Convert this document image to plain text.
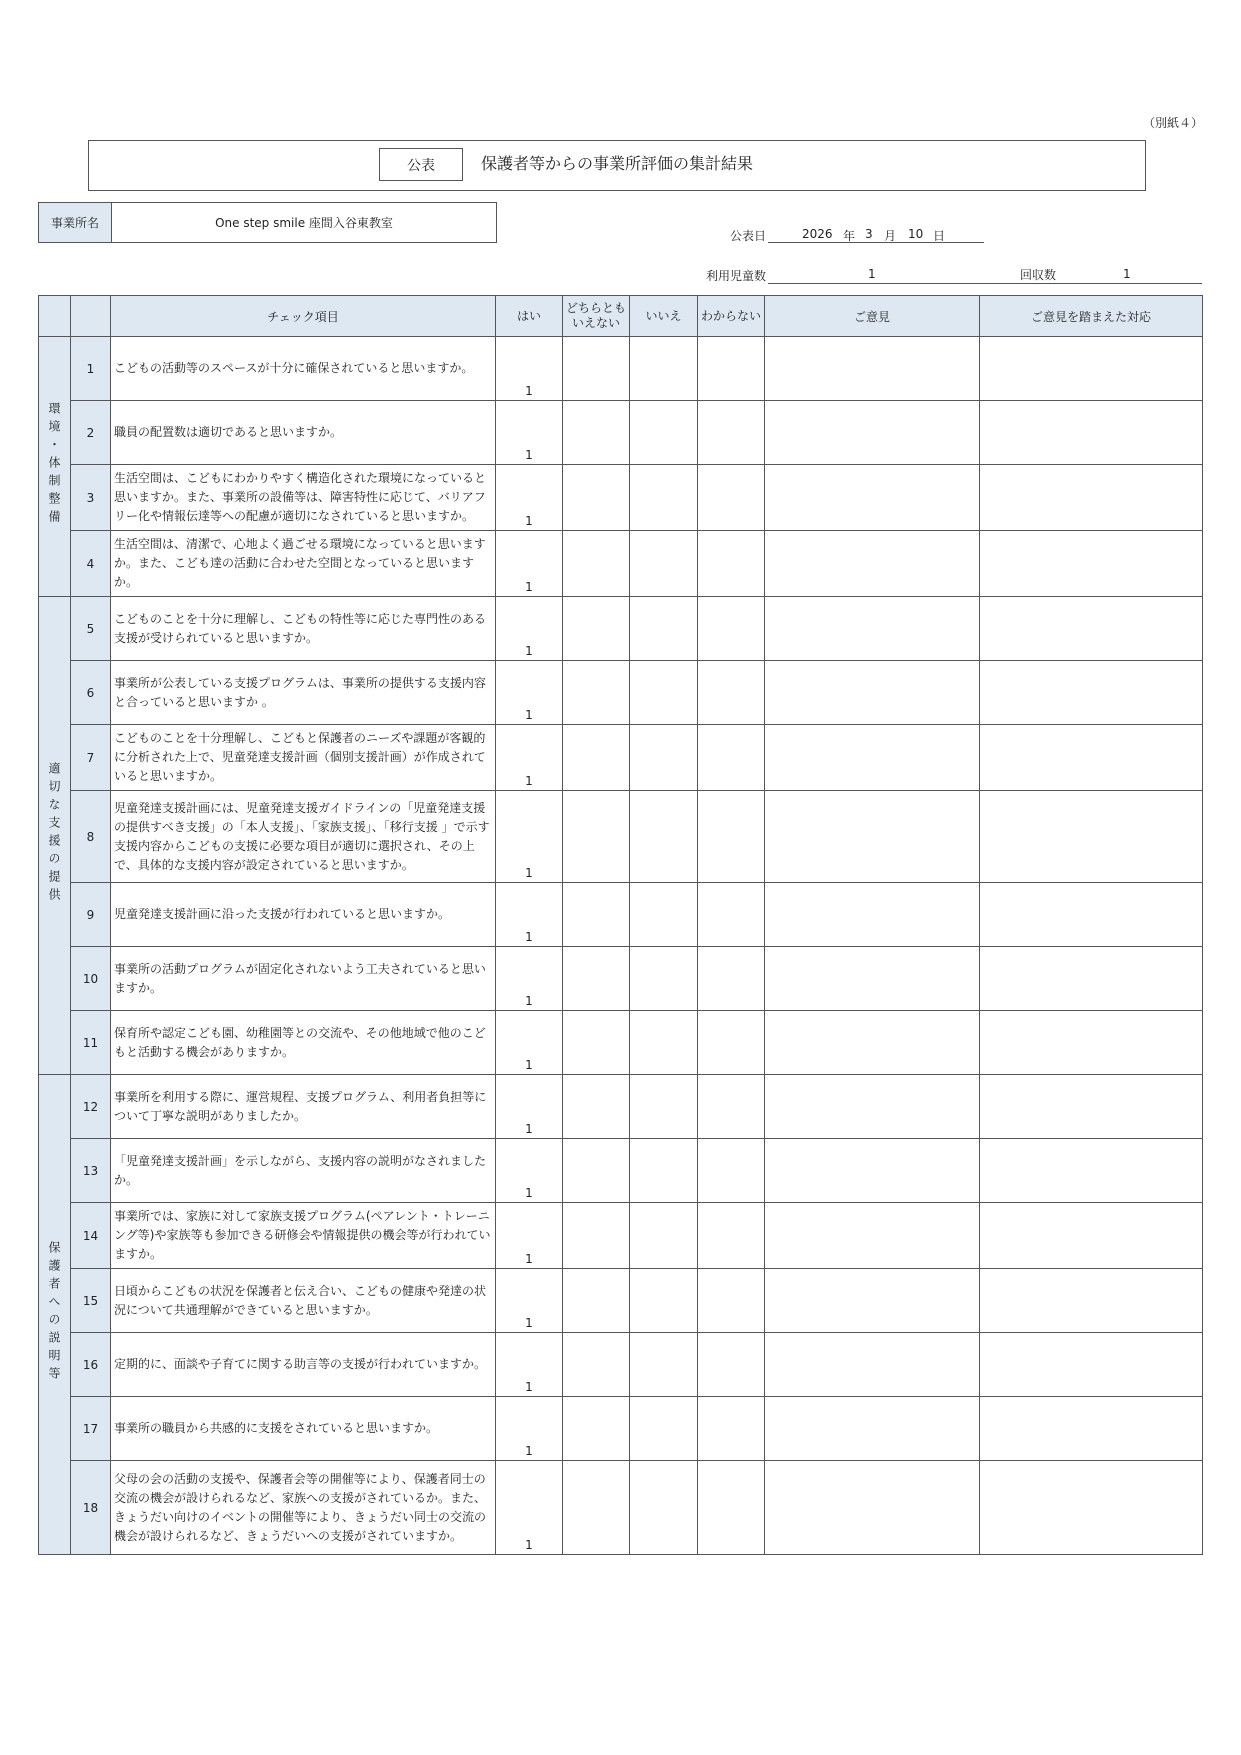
（別紙４）
公表	保護者等からの事業所評価の集計結果
事業所名	One step smile 座間入谷東教室
公表日	2026 年 3 月 10 日
利用児童数	1	回収数	1
		チェック項目	はい	どちらとも
いえない	いいえ	わからない	ご意見	ご意見を踏まえた対応
環境・体制整備	1	こどもの活動等のスペースが十分に確保されていると思いますか。	1					
	2	職員の配置数は適切であると思いますか。	1					
	3	生活空間は、こどもにわかりやすく構造化された環境になっていると思いますか。また、事業所の設備等は、障害特性に応じて、バリアフリー化や情報伝達等への配慮が適切になされていると思いますか。	1					
	4	生活空間は、清潔で、心地よく過ごせる環境になっていると思いますか。また、こども達の活動に合わせた空間となっていると思いますか。	1					
適切な支援の提供	5	こどものことを十分に理解し、こどもの特性等に応じた専門性のある支援が受けられていると思いますか。	1					
	6	事業所が公表している支援プログラムは、事業所の提供する支援内容と合っていると思いますか 。	1					
	7	こどものことを十分理解し、こどもと保護者のニーズや課題が客観的に分析された上で、児童発達支援計画（個別支援計画）が作成されていると思いますか。	1					
	8	児童発達支援計画には、児童発達支援ガイドラインの「児童発達支援の提供すべき支援」の「本人支援」、「家族支援」、「移行支援 」で示す支援内容からこどもの支援に必要な項目が適切に選択され、その上で、具体的な支援内容が設定されていると思いますか。	1					
	9	児童発達支援計画に沿った支援が行われていると思いますか。	1					
	10	事業所の活動プログラムが固定化されないよう工夫されていると思いますか。	1					
	11	保育所や認定こども園、幼稚園等との交流や、その他地域で他のこどもと活動する機会がありますか。	1					
保護者への説明等	12	事業所を利用する際に、運営規程、支援プログラム、利用者負担等について丁寧な説明がありましたか。	1					
	13	「児童発達支援計画」を示しながら、支援内容の説明がなされましたか。	1					
	14	事業所では、家族に対して家族支援プログラム(ペアレント・トレーニング等)や家族等も参加できる研修会や情報提供の機会等が行われていますか。	1					
	15	日頃からこどもの状況を保護者と伝え合い、こどもの健康や発達の状況について共通理解ができていると思いますか。	1					
	16	定期的に、面談や子育てに関する助言等の支援が行われていますか。	1					
	17	事業所の職員から共感的に支援をされていると思いますか。	1					
	18	父母の会の活動の支援や、保護者会等の開催等により、保護者同士の交流の機会が設けられるなど、家族への支援がされているか。また、きょうだい向けのイベントの開催等により、きょうだい同士の交流の機会が設けられるなど、きょうだいへの支援がされていますか。	1					
